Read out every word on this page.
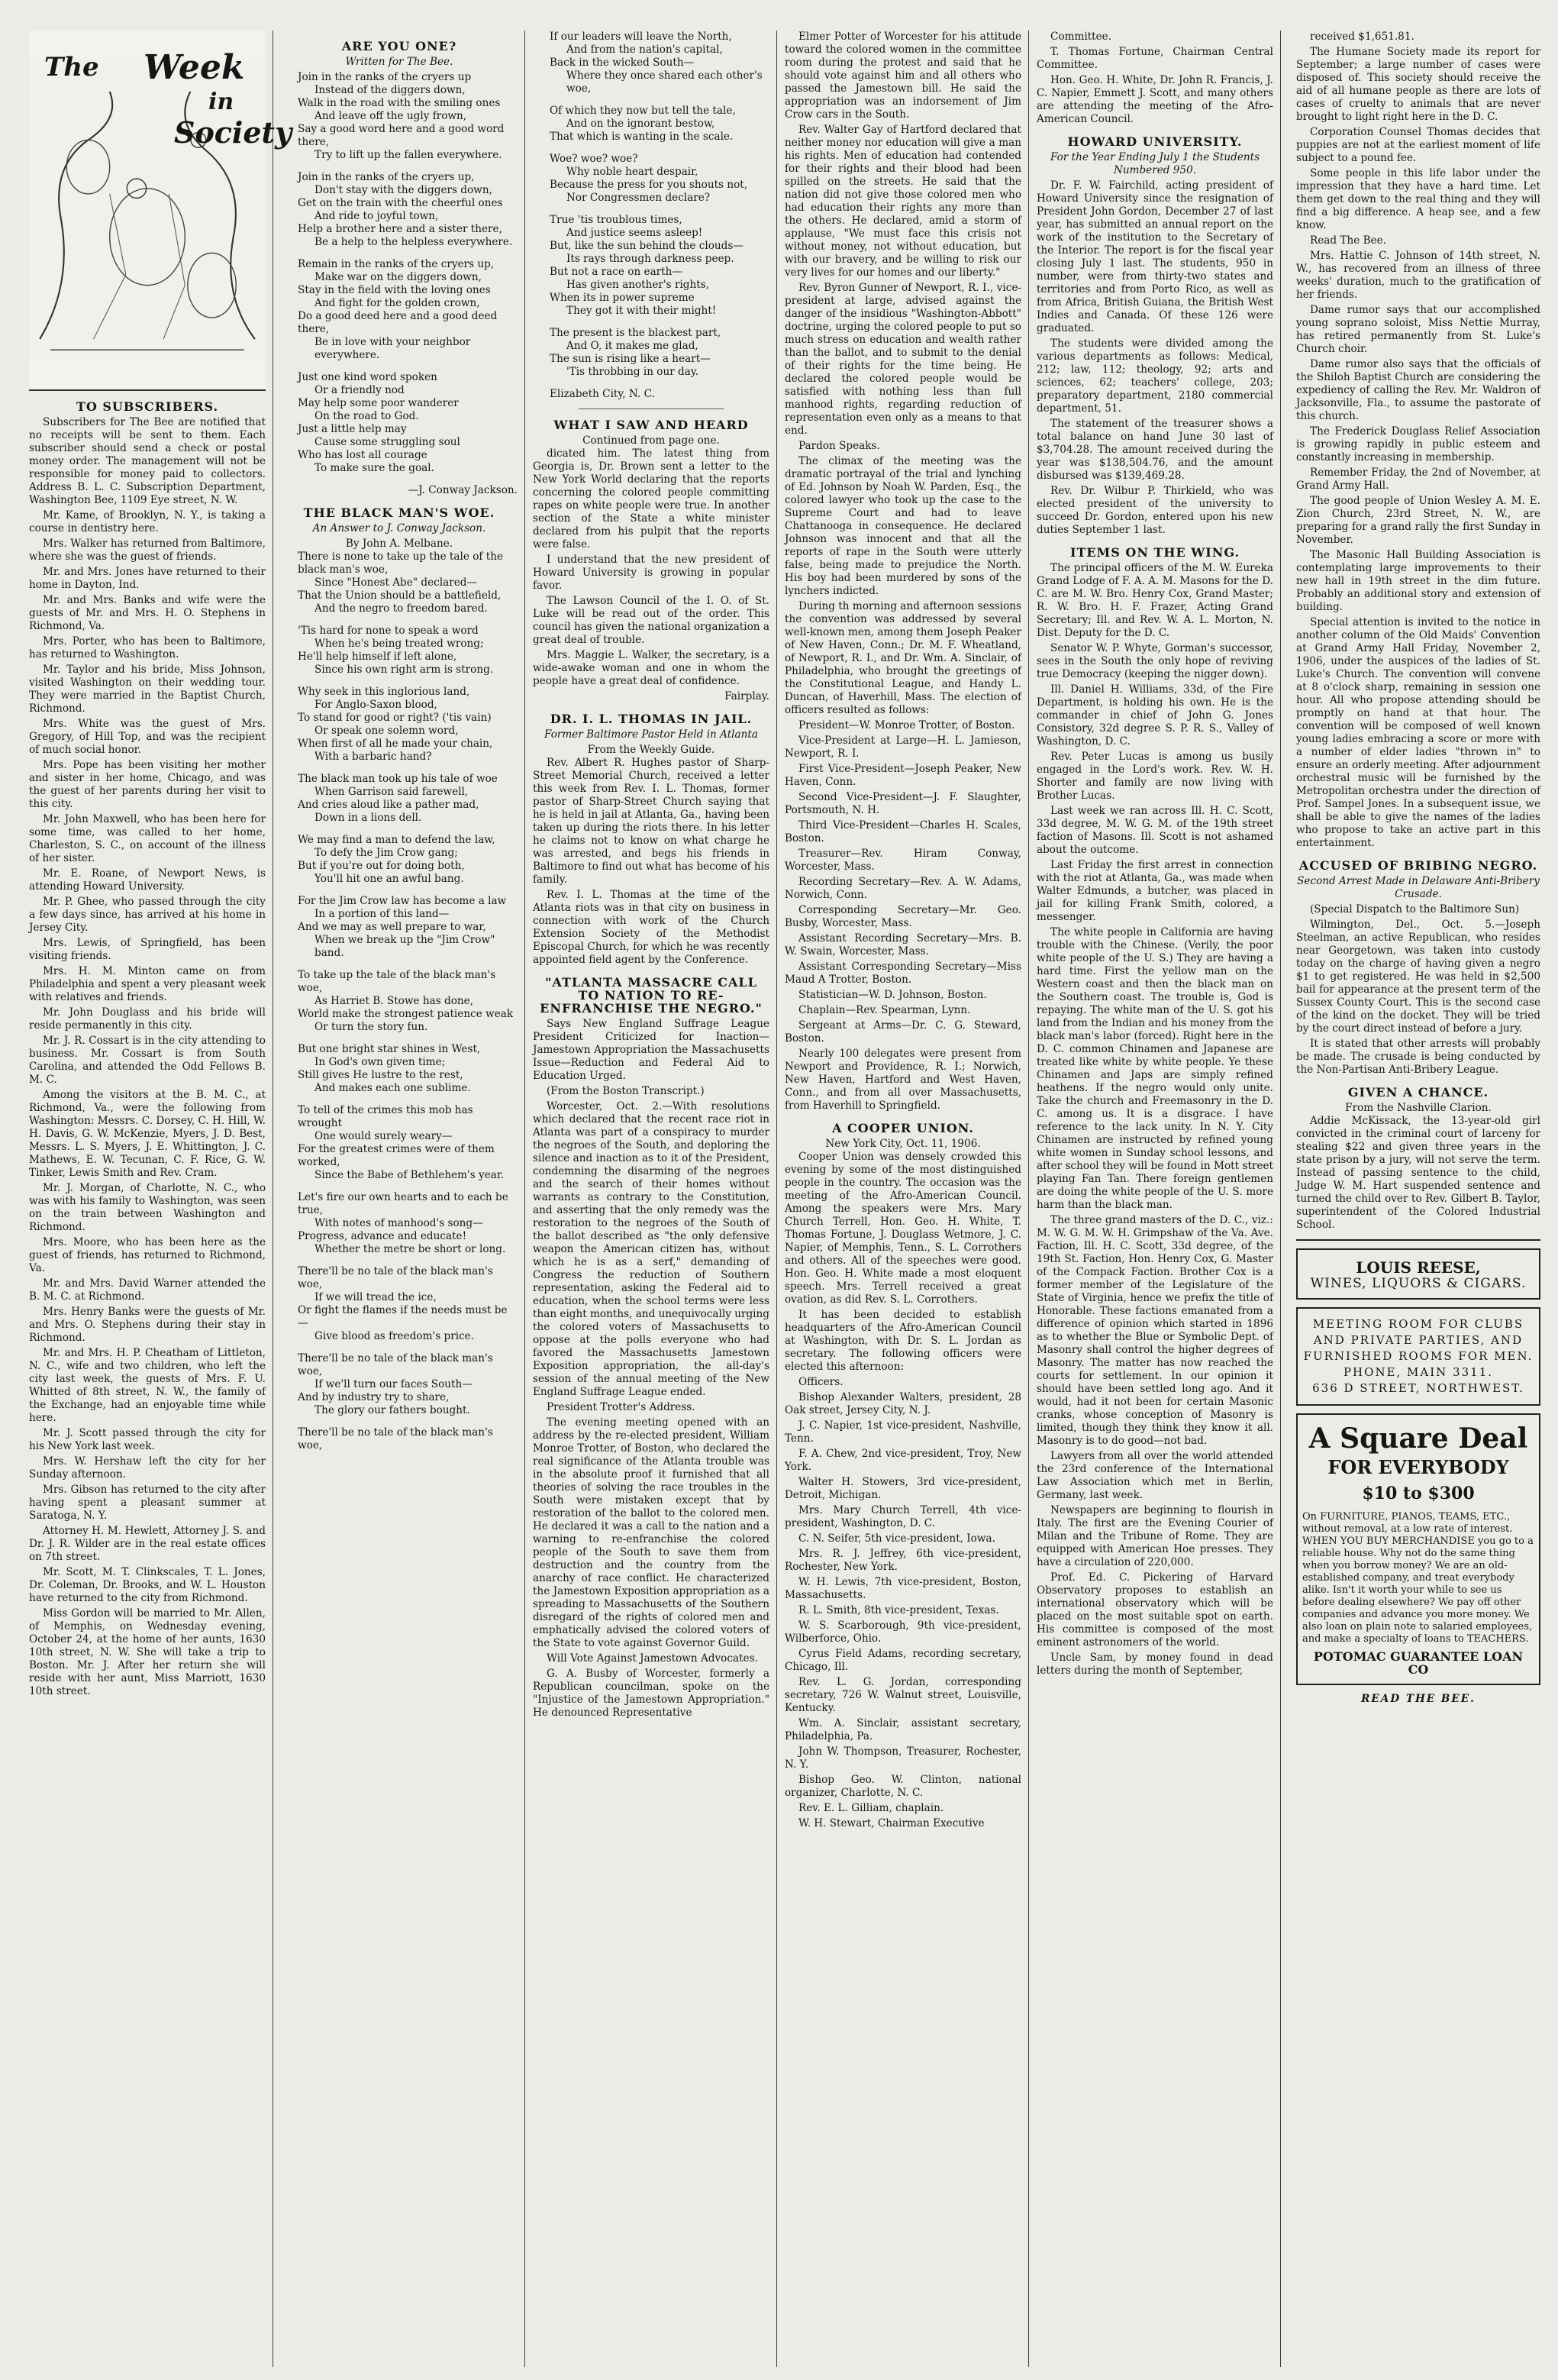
The Week
in
Society
TO SUBSCRIBERS.

Subscribers for The Bee are notified that no receipts will be sent to them. Each subscriber should send a check or postal money order. The management will not be responsible for money paid to collectors. Address B. L. C. Subscription Department, Washington Bee, 1109 Eye street, N. W.

Mr. Kame, of Brooklyn, N. Y., is taking a course in dentistry here.

Mrs. Walker has returned from Baltimore, where she was the guest of friends.

Mr. and Mrs. Jones have returned to their home in Dayton, Ind.

Mr. and Mrs. Banks and wife were the guests of Mr. and Mrs. H. O. Stephens in Richmond, Va.

Mrs. Porter, who has been to Baltimore, has returned to Washington.

Mr. Taylor and his bride, Miss Johnson, visited Washington on their wedding tour. They were married in the Baptist Church, Richmond.

Mrs. White was the guest of Mrs. Gregory, of Hill Top, and was the recipient of much social honor.

Mrs. Pope has been visiting her mother and sister in her home, Chicago, and was the guest of her parents during her visit to this city.

Mr. John Maxwell, who has been here for some time, was called to her home, Charleston, S. C., on account of the illness of her sister.

Mr. E. Roane, of Newport News, is attending Howard University.

Mr. P. Ghee, who passed through the city a few days since, has arrived at his home in Jersey City.

Mrs. Lewis, of Springfield, has been visiting friends.

Mrs. H. M. Minton came on from Philadelphia and spent a very pleasant week with relatives and friends.

Mr. John Douglass and his bride will reside permanently in this city.

Mr. J. R. Cossart is in the city attending to business. Mr. Cossart is from South Carolina, and attended the Odd Fellows B. M. C.

Among the visitors at the B. M. C., at Richmond, Va., were the following from Washington: Messrs. C. Dorsey, C. H. Hill, W. H. Davis, G. W. McKenzie, Myers, J. D. Best, Messrs. L. S. Myers, J. E. Whittington, J. C. Mathews, E. W. Tecunan, C. F. Rice, G. W. Tinker, Lewis Smith and Rev. Cram.

Mr. J. Morgan, of Charlotte, N. C., who was with his family to Washington, was seen on the train between Washington and Richmond.

Mrs. Moore, who has been here as the guest of friends, has returned to Richmond, Va.

Mr. and Mrs. David Warner attended the B. M. C. at Richmond.

Mrs. Henry Banks were the guests of Mr. and Mrs. O. Stephens during their stay in Richmond.

Mr. and Mrs. H. P. Cheatham of Littleton, N. C., wife and two children, who left the city last week, the guests of Mrs. F. U. Whitted of 8th street, N. W., the family of the Exchange, had an enjoyable time while here.

Mr. J. Scott passed through the city for his New York last week.

Mrs. W. Hershaw left the city for her Sunday afternoon.

Mrs. Gibson has returned to the city after having spent a pleasant summer at Saratoga, N. Y.

Attorney H. M. Hewlett, Attorney J. S. and Dr. J. R. Wilder are in the real estate offices on 7th street.

Mr. Scott, M. T. Clinkscales, T. L. Jones, Dr. Coleman, Dr. Brooks, and W. L. Houston have returned to the city from Richmond.

Miss Gordon will be married to Mr. Allen, of Memphis, on Wednesday evening, October 24, at the home of her aunts, 1630 10th street, N. W. She will take a trip to Boston. Mr. J. After her return she will reside with her aunt, Miss Marriott, 1630 10th street.

ARE YOU ONE?
Written for The Bee.

Join in the ranks of the cryers up

Instead of the diggers down,

Walk in the road with the smiling ones

And leave off the ugly frown,

Say a good word here and a good word there,

Try to lift up the fallen everywhere.

Join in the ranks of the cryers up,

Don't stay with the diggers down,

Get on the train with the cheerful ones

And ride to joyful town,

Help a brother here and a sister there,

Be a help to the helpless everywhere.

Remain in the ranks of the cryers up,

Make war on the diggers down,

Stay in the field with the loving ones

And fight for the golden crown,

Do a good deed here and a good deed there,

Be in love with your neighbor everywhere.

Just one kind word spoken

Or a friendly nod

May help some poor wanderer

On the road to God.

Just a little help may

Cause some struggling soul

Who has lost all courage

To make sure the goal.

—J. Conway Jackson.
THE BLACK MAN'S WOE.
An Answer to J. Conway Jackson.
By John A. Melbane.

There is none to take up the tale of the black man's woe,

Since "Honest Abe" declared—

That the Union should be a battlefield,

And the negro to freedom bared.

'Tis hard for none to speak a word

When he's being treated wrong;

He'll help himself if left alone,

Since his own right arm is strong.

Why seek in this inglorious land,

For Anglo-Saxon blood,

To stand for good or right? ('tis vain)

Or speak one solemn word,

When first of all he made your chain,

With a barbaric hand?

The black man took up his tale of woe

When Garrison said farewell,

And cries aloud like a pather mad,

Down in a lions dell.

We may find a man to defend the law,

To defy the Jim Crow gang;

But if you're out for doing both,

You'll hit one an awful bang.

For the Jim Crow law has become a law

In a portion of this land—

And we may as well prepare to war,

When we break up the "Jim Crow" band.

To take up the tale of the black man's woe,

As Harriet B. Stowe has done,

World make the strongest patience weak

Or turn the story fun.

But one bright star shines in West,

In God's own given time;

Still gives He lustre to the rest,

And makes each one sublime.

To tell of the crimes this mob has wrought

One would surely weary—

For the greatest crimes were of them worked,

Since the Babe of Bethlehem's year.

Let's fire our own hearts and to each be true,

With notes of manhood's song—

Progress, advance and educate!

Whether the metre be short or long.

There'll be no tale of the black man's woe,

If we will tread the ice,

Or fight the flames if the needs must be—

Give blood as freedom's price.

There'll be no tale of the black man's woe,

If we'll turn our faces South—

And by industry try to share,

The glory our fathers bought.

There'll be no tale of the black man's woe,

If our leaders will leave the North,

And from the nation's capital,

Back in the wicked South—

Where they once shared each other's woe,

Of which they now but tell the tale,

And on the ignorant bestow,

That which is wanting in the scale.

Woe? woe? woe?

Why noble heart despair,

Because the press for you shouts not,

Nor Congressmen declare?

True 'tis troublous times,

And justice seems asleep!

But, like the sun behind the clouds—

Its rays through darkness peep.

But not a race on earth—

Has given another's rights,

When its in power supreme

They got it with their might!

The present is the blackest part,

And O, it makes me glad,

The sun is rising like a heart—

'Tis throbbing in our day.

Elizabeth City, N. C.
WHAT I SAW AND HEARD
Continued from page one.

dicated him. The latest thing from Georgia is, Dr. Brown sent a letter to the New York World declaring that the reports concerning the colored people committing rapes on white people were true. In another section of the State a white minister declared from his pulpit that the reports were false.

I understand that the new president of Howard University is growing in popular favor.

The Lawson Council of the I. O. of St. Luke will be read out of the order. This council has given the national organization a great deal of trouble.

Mrs. Maggie L. Walker, the secretary, is a wide-awake woman and one in whom the people have a great deal of confidence.

Fairplay.
DR. I. L. THOMAS IN JAIL.
Former Baltimore Pastor Held in Atlanta
From the Weekly Guide.

Rev. Albert R. Hughes pastor of Sharp-Street Memorial Church, received a letter this week from Rev. I. L. Thomas, former pastor of Sharp-Street Church saying that he is held in jail at Atlanta, Ga., having been taken up during the riots there. In his letter he claims not to know on what charge he was arrested, and begs his friends in Baltimore to find out what has become of his family.

Rev. I. L. Thomas at the time of the Atlanta riots was in that city on business in connection with work of the Church Extension Society of the Methodist Episcopal Church, for which he was recently appointed field agent by the Conference.

"ATLANTA MASSACRE CALL TO NATION TO RE-ENFRANCHISE THE NEGRO."

Says New England Suffrage League President Criticized for Inaction—Jamestown Appropriation the Massachusetts Issue—Reduction and Federal Aid to Education Urged.

(From the Boston Transcript.)

Worcester, Oct. 2.—With resolutions which declared that the recent race riot in Atlanta was part of a conspiracy to murder the negroes of the South, and deploring the silence and inaction as to it of the President, condemning the disarming of the negroes and the search of their homes without warrants as contrary to the Constitution, and asserting that the only remedy was the restoration to the negroes of the South of the ballot described as "the only defensive weapon the American citizen has, without which he is as a serf," demanding of Congress the reduction of Southern representation, asking the Federal aid to education, when the school terms were less than eight months, and unequivocally urging the colored voters of Massachusetts to oppose at the polls everyone who had favored the Massachusetts Jamestown Exposition appropriation, the all-day's session of the annual meeting of the New England Suffrage League ended.

President Trotter's Address.

The evening meeting opened with an address by the re-elected president, William Monroe Trotter, of Boston, who declared the real significance of the Atlanta trouble was in the absolute proof it furnished that all theories of solving the race troubles in the South were mistaken except that by restoration of the ballot to the colored men. He declared it was a call to the nation and a warning to re-enfranchise the colored people of the South to save them from destruction and the country from the anarchy of race conflict. He characterized the Jamestown Exposition appropriation as a spreading to Massachusetts of the Southern disregard of the rights of colored men and emphatically advised the colored voters of the State to vote against Governor Guild.

Will Vote Against Jamestown Advocates.

G. A. Busby of Worcester, formerly a Republican councilman, spoke on the "Injustice of the Jamestown Appropriation." He denounced Representative

Elmer Potter of Worcester for his attitude toward the colored women in the committee room during the protest and said that he should vote against him and all others who passed the Jamestown bill. He said the appropriation was an indorsement of Jim Crow cars in the South.

Rev. Walter Gay of Hartford declared that neither money nor education will give a man his rights. Men of education had contended for their rights and their blood had been spilled on the streets. He said that the nation did not give those colored men who had education their rights any more than the others. He declared, amid a storm of applause, "We must face this crisis not without money, not without education, but with our bravery, and be willing to risk our very lives for our homes and our liberty."

Rev. Byron Gunner of Newport, R. I., vice-president at large, advised against the danger of the insidious "Washington-Abbott" doctrine, urging the colored people to put so much stress on education and wealth rather than the ballot, and to submit to the denial of their rights for the time being. He declared the colored people would be satisfied with nothing less than full manhood rights, regarding reduction of representation even only as a means to that end.

Pardon Speaks.

The climax of the meeting was the dramatic portrayal of the trial and lynching of Ed. Johnson by Noah W. Parden, Esq., the colored lawyer who took up the case to the Supreme Court and had to leave Chattanooga in consequence. He declared Johnson was innocent and that all the reports of rape in the South were utterly false, being made to prejudice the North. His boy had been murdered by sons of the lynchers indicted.

During th morning and afternoon sessions the convention was addressed by several well-known men, among them Joseph Peaker of New Haven, Conn.; Dr. M. F. Wheatland, of Newport, R. I., and Dr. Wm. A. Sinclair, of Philadelphia, who brought the greetings of the Constitutional League, and Handy L. Duncan, of Haverhill, Mass. The election of officers resulted as follows:

President—W. Monroe Trotter, of Boston.

Vice-President at Large—H. L. Jamieson, Newport, R. I.

First Vice-President—Joseph Peaker, New Haven, Conn.

Second Vice-President—J. F. Slaughter, Portsmouth, N. H.

Third Vice-President—Charles H. Scales, Boston.

Treasurer—Rev. Hiram Conway, Worcester, Mass.

Recording Secretary—Rev. A. W. Adams, Norwich, Conn.

Corresponding Secretary—Mr. Geo. Busby, Worcester, Mass.

Assistant Recording Secretary—Mrs. B. W. Swain, Worcester, Mass.

Assistant Corresponding Secretary—Miss Maud A Trotter, Boston.

Statistician—W. D. Johnson, Boston.

Chaplain—Rev. Spearman, Lynn.

Sergeant at Arms—Dr. C. G. Steward, Boston.

Nearly 100 delegates were present from Newport and Providence, R. I.; Norwich, New Haven, Hartford and West Haven, Conn., and from all over Massachusetts, from Haverhill to Springfield.

A COOPER UNION.
New York City, Oct. 11, 1906.

Cooper Union was densely crowded this evening by some of the most distinguished people in the country. The occasion was the meeting of the Afro-American Council. Among the speakers were Mrs. Mary Church Terrell, Hon. Geo. H. White, T. Thomas Fortune, J. Douglass Wetmore, J. C. Napier, of Memphis, Tenn., S. L. Corrothers and others. All of the speeches were good. Hon. Geo. H. White made a most eloquent speech. Mrs. Terrell received a great ovation, as did Rev. S. L. Corrothers.

It has been decided to establish headquarters of the Afro-American Council at Washington, with Dr. S. L. Jordan as secretary. The following officers were elected this afternoon:

Officers.

Bishop Alexander Walters, president, 28 Oak street, Jersey City, N. J.

J. C. Napier, 1st vice-president, Nashville, Tenn.

F. A. Chew, 2nd vice-president, Troy, New York.

Walter H. Stowers, 3rd vice-president, Detroit, Michigan.

Mrs. Mary Church Terrell, 4th vice-president, Washington, D. C.

C. N. Seifer, 5th vice-president, Iowa.

Mrs. R. J. Jeffrey, 6th vice-president, Rochester, New York.

W. H. Lewis, 7th vice-president, Boston, Massachusetts.

R. L. Smith, 8th vice-president, Texas.

W. S. Scarborough, 9th vice-president, Wilberforce, Ohio.

Cyrus Field Adams, recording secretary, Chicago, Ill.

Rev. L. G. Jordan, corresponding secretary, 726 W. Walnut street, Louisville, Kentucky.

Wm. A. Sinclair, assistant secretary, Philadelphia, Pa.

John W. Thompson, Treasurer, Rochester, N. Y.

Bishop Geo. W. Clinton, national organizer, Charlotte, N. C.

Rev. E. L. Gilliam, chaplain.

W. H. Stewart, Chairman Executive

Committee.

T. Thomas Fortune, Chairman Central Committee.

Hon. Geo. H. White, Dr. John R. Francis, J. C. Napier, Emmett J. Scott, and many others are attending the meeting of the Afro-American Council.

HOWARD UNIVERSITY.
For the Year Ending July 1 the Students Numbered 950.

Dr. F. W. Fairchild, acting president of Howard University since the resignation of President John Gordon, December 27 of last year, has submitted an annual report on the work of the institution to the Secretary of the Interior. The report is for the fiscal year closing July 1 last. The students, 950 in number, were from thirty-two states and territories and from Porto Rico, as well as from Africa, British Guiana, the British West Indies and Canada. Of these 126 were graduated.

The students were divided among the various departments as follows: Medical, 212; law, 112; theology, 92; arts and sciences, 62; teachers' college, 203; preparatory department, 2180 commercial department, 51.

The statement of the treasurer shows a total balance on hand June 30 last of $3,704.28. The amount received during the year was $138,504.76, and the amount disbursed was $139,469.28.

Rev. Dr. Wilbur P. Thirkield, who was elected president of the university to succeed Dr. Gordon, entered upon his new duties September 1 last.

ITEMS ON THE WING.

The principal officers of the M. W. Eureka Grand Lodge of F. A. A. M. Masons for the D. C. are M. W. Bro. Henry Cox, Grand Master; R. W. Bro. H. F. Frazer, Acting Grand Secretary; Ill. and Rev. W. A. L. Morton, N. Dist. Deputy for the D. C.

Senator W. P. Whyte, Gorman's successor, sees in the South the only hope of reviving true Democracy (keeping the nigger down).

Ill. Daniel H. Williams, 33d, of the Fire Department, is holding his own. He is the commander in chief of John G. Jones Consistory, 32d degree S. P. R. S., Valley of Washington, D. C.

Rev. Peter Lucas is among us busily engaged in the Lord's work. Rev. W. H. Shorter and family are now living with Brother Lucas.

Last week we ran across Ill. H. C. Scott, 33d degree, M. W. G. M. of the 19th street faction of Masons. Ill. Scott is not ashamed about the outcome.

Last Friday the first arrest in connection with the riot at Atlanta, Ga., was made when Walter Edmunds, a butcher, was placed in jail for killing Frank Smith, colored, a messenger.

The white people in California are having trouble with the Chinese. (Verily, the poor white people of the U. S.) They are having a hard time. First the yellow man on the Western coast and then the black man on the Southern coast. The trouble is, God is repaying. The white man of the U. S. got his land from the Indian and his money from the black man's labor (forced). Right here in the D. C. common Chinamen and Japanese are treated like white by white people. Ye these Chinamen and Japs are simply refined heathens. If the negro would only unite. Take the church and Freemasonry in the D. C. among us. It is a disgrace. I have reference to the lack unity. In N. Y. City Chinamen are instructed by refined young white women in Sunday school lessons, and after school they will be found in Mott street playing Fan Tan. There foreign gentlemen are doing the white people of the U. S. more harm than the black man.

The three grand masters of the D. C., viz.: M. W. G. M. W. H. Grimpshaw of the Va. Ave. Faction, Ill. H. C. Scott, 33d degree, of the 19th St. Faction, Hon. Henry Cox, G. Master of the Compack Faction. Brother Cox is a former member of the Legislature of the State of Virginia, hence we prefix the title of Honorable. These factions emanated from a difference of opinion which started in 1896 as to whether the Blue or Symbolic Dept. of Masonry shall control the higher degrees of Masonry. The matter has now reached the courts for settlement. In our opinion it should have been settled long ago. And it would, had it not been for certain Masonic cranks, whose conception of Masonry is limited, though they think they know it all. Masonry is to do good—not bad.

Lawyers from all over the world attended the 23rd conference of the International Law Association which met in Berlin, Germany, last week.

Newspapers are beginning to flourish in Italy. The first are the Evening Courier of Milan and the Tribune of Rome. They are equipped with American Hoe presses. They have a circulation of 220,000.

Prof. Ed. C. Pickering of Harvard Observatory proposes to establish an international observatory which will be placed on the most suitable spot on earth. His committee is composed of the most eminent astronomers of the world.

Uncle Sam, by money found in dead letters during the month of September,

received $1,651.81.

The Humane Society made its report for September; a large number of cases were disposed of. This society should receive the aid of all humane people as there are lots of cases of cruelty to animals that are never brought to light right here in the D. C.

Corporation Counsel Thomas decides that puppies are not at the earliest moment of life subject to a pound fee.

Some people in this life labor under the impression that they have a hard time. Let them get down to the real thing and they will find a big difference. A heap see, and a few know.

Read The Bee.

Mrs. Hattie C. Johnson of 14th street, N. W., has recovered from an illness of three weeks' duration, much to the gratification of her friends.

Dame rumor says that our accomplished young soprano soloist, Miss Nettie Murray, has retired permanently from St. Luke's Church choir.

Dame rumor also says that the officials of the Shiloh Baptist Church are considering the expediency of calling the Rev. Mr. Waldron of Jacksonville, Fla., to assume the pastorate of this church.

The Frederick Douglass Relief Association is growing rapidly in public esteem and constantly increasing in membership.

Remember Friday, the 2nd of November, at Grand Army Hall.

The good people of Union Wesley A. M. E. Zion Church, 23rd Street, N. W., are preparing for a grand rally the first Sunday in November.

The Masonic Hall Building Association is contemplating large improvements to their new hall in 19th street in the dim future. Probably an additional story and extension of building.

Special attention is invited to the notice in another column of the Old Maids' Convention at Grand Army Hall Friday, November 2, 1906, under the auspices of the ladies of St. Luke's Church. The convention will convene at 8 o'clock sharp, remaining in session one hour. All who propose attending should be promptly on hand at that hour. The convention will be composed of well known young ladies embracing a score or more with a number of elder ladies "thrown in" to ensure an orderly meeting. After adjournment orchestral music will be furnished by the Metropolitan orchestra under the direction of Prof. Sampel Jones. In a subsequent issue, we shall be able to give the names of the ladies who propose to take an active part in this entertainment.

ACCUSED OF BRIBING NEGRO.
Second Arrest Made in Delaware Anti-Bribery Crusade.

(Special Dispatch to the Baltimore Sun)

Wilmington, Del., Oct. 5.—Joseph Steelman, an active Republican, who resides near Georgetown, was taken into custody today on the charge of having given a negro $1 to get registered. He was held in $2,500 bail for appearance at the present term of the Sussex County Court. This is the second case of the kind on the docket. They will be tried by the court direct instead of before a jury.

It is stated that other arrests will probably be made. The crusade is being conducted by the Non-Partisan Anti-Bribery League.

GIVEN A CHANCE.
From the Nashville Clarion.

Addie McKissack, the 13-year-old girl convicted in the criminal court of larceny for stealing $22 and given three years in the state prison by a jury, will not serve the term. Instead of passing sentence to the child, Judge W. M. Hart suspended sentence and turned the child over to Rev. Gilbert B. Taylor, superintendent of the Colored Industrial School.

LOUIS REESE,
WINES, LIQUORS & CIGARS.
MEETING ROOM FOR CLUBS AND PRIVATE PARTIES, AND FURNISHED ROOMS FOR MEN. PHONE, MAIN 3311.
636 D STREET, NORTHWEST.
A Square Deal
FOR EVERYBODY
$10 to $300

On FURNITURE, PIANOS, TEAMS, ETC., without removal, at a low rate of interest. WHEN YOU BUY MERCHANDISE you go to a reliable house. Why not do the same thing when you borrow money? We are an old-established company, and treat everybody alike. Isn't it worth your while to see us before dealing elsewhere? We pay off other companies and advance you more money. We also loan on plain note to salaried employees, and make a specialty of loans to TEACHERS.

POTOMAC GUARANTEE LOAN CO
READ THE BEE.
